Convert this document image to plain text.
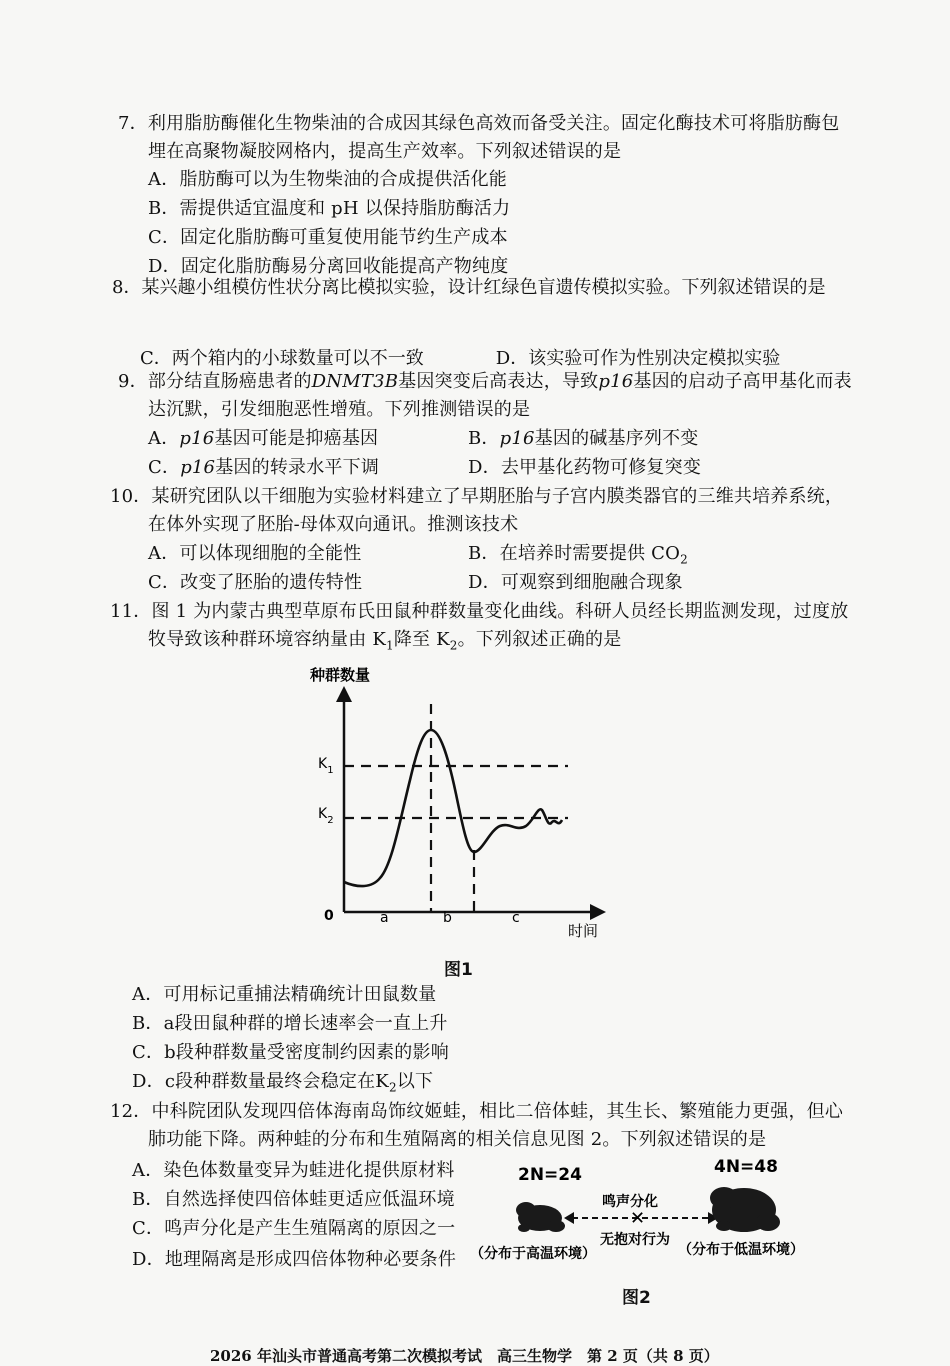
7．利用脂肪酶催化生物柴油的合成因其绿色高效而备受关注。固定化酶技术可将脂肪酶包
埋在高聚物凝胶网格内，提高生产效率。下列叙述错误的是
A．脂肪酶可以为生物柴油的合成提供活化能
B．需提供适宜温度和 pH 以保持脂肪酶活力
C．固定化脂肪酶可重复使用能节约生产成本
D．固定化脂肪酶易分离回收能提高产物纯度
8．某兴趣小组模仿性状分离比模拟实验，设计红绿色盲遗传模拟实验。下列叙述错误的是
C．两个箱内的小球数量可以不一致　　　　D．该实验可作为性别决定模拟实验
9．部分结直肠癌患者的DNMT3B基因突变后高表达，导致p16基因的启动子高甲基化而表
达沉默，引发细胞恶性增殖。下列推测错误的是
A．p16基因可能是抑癌基因	B．p16基因的碱基序列不变
C．p16基因的转录水平下调	D．去甲基化药物可修复突变
10．某研究团队以干细胞为实验材料建立了早期胚胎与子宫内膜类器官的三维共培养系统，
在体外实现了胚胎-母体双向通讯。推测该技术
A．可以体现细胞的全能性	B．在培养时需要提供 $CO_2$
C．改变了胚胎的遗传特性	D．可观察到细胞融合现象
11．图 1 为内蒙古典型草原布氏田鼠种群数量变化曲线。科研人员经长期监测发现，过度放
牧导致该种群环境容纳量由 $K_1$降至 $K_2$。下列叙述正确的是
种群数量
0
时间
$K_1$
$K_2$
a	b	c
图1
A．可用标记重捕法精确统计田鼠数量
B．a段田鼠种群的增长速率会一直上升
C．b段种群数量受密度制约因素的影响
D．c段种群数量最终会稳定在$K_2$以下
12．中科院团队发现四倍体海南岛饰纹姬蛙，相比二倍体蛙，其生长、繁殖能力更强，但心
肺功能下降。两种蛙的分布和生殖隔离的相关信息见图 2。下列叙述错误的是
A．染色体数量变异为蛙进化提供原材料
B．自然选择使四倍体蛙更适应低温环境
C．鸣声分化是产生生殖隔离的原因之一
D．地理隔离是形成四倍体物种必要条件
2N=24	4N=48
✕
鸣声分化
无抱对行为
（分布于高温环境）	（分布于低温环境）
图2
2026 年汕头市普通高考第二次模拟考试　高三生物学　第 2 页（共 8 页）
